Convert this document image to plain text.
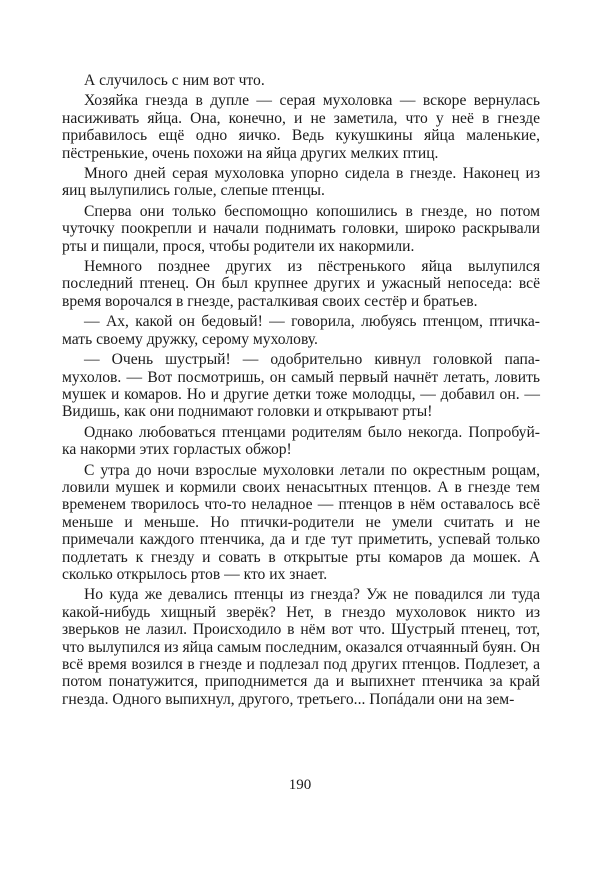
А случилось с ним вот что.

Хозяйка гнезда в дупле — серая мухоловка — вскоре вернулась насиживать яйца. Она, конечно, и не заметила, что у неё в гнезде прибавилось ещё одно яичко. Ведь кукушкины яйца маленькие, пёстренькие, очень похожи на яйца других мелких птиц.

Много дней серая мухоловка упорно сидела в гнезде. Наконец из яиц вылупились голые, слепые птенцы.

Сперва они только беспомощно копошились в гнезде, но потом чуточку поокрепли и начали поднимать головки, широко раскрывали рты и пищали, прося, чтобы родители их накормили.

Немного позднее других из пёстренького яйца вылупился последний птенец. Он был крупнее других и ужасный непоседа: всё время ворочался в гнезде, расталкивая своих сестёр и братьев.

— Ах, какой он бедовый! — говорила, любуясь птенцом, птичка-мать своему дружку, серому мухолову.

— Очень шустрый! — одобрительно кивнул головкой папа-мухолов. — Вот посмотришь, он самый первый начнёт летать, ловить мушек и комаров. Но и другие детки тоже молодцы, — добавил он. — Видишь, как они поднимают головки и открывают рты!

Однако любоваться птенцами родителям было некогда. Попробуй-ка накорми этих горластых обжор!

С утра до ночи взрослые мухоловки летали по окрестным рощам, ловили мушек и кормили своих ненасытных птенцов. А в гнезде тем временем творилось что-то неладное — птенцов в нём оставалось всё меньше и меньше. Но птички-родители не умели считать и не примечали каждого птенчика, да и где тут приметить, успевай только подлетать к гнезду и совать в открытые рты комаров да мошек. А сколько открылось ртов — кто их знает.

Но куда же девались птенцы из гнезда? Уж не повадился ли туда какой-нибудь хищный зверёк? Нет, в гнездо мухоловок никто из зверьков не лазил. Происходило в нём вот что. Шустрый птенец, тот, что вылупился из яйца самым последним, оказался отчаянный буян. Он всё время возился в гнезде и подлезал под других птенцов. Подлезет, а потом понатужится, приподнимется да и выпихнет птенчика за край гнезда. Одного выпихнул, другого, третьего... Попáдали они на зем-

190
